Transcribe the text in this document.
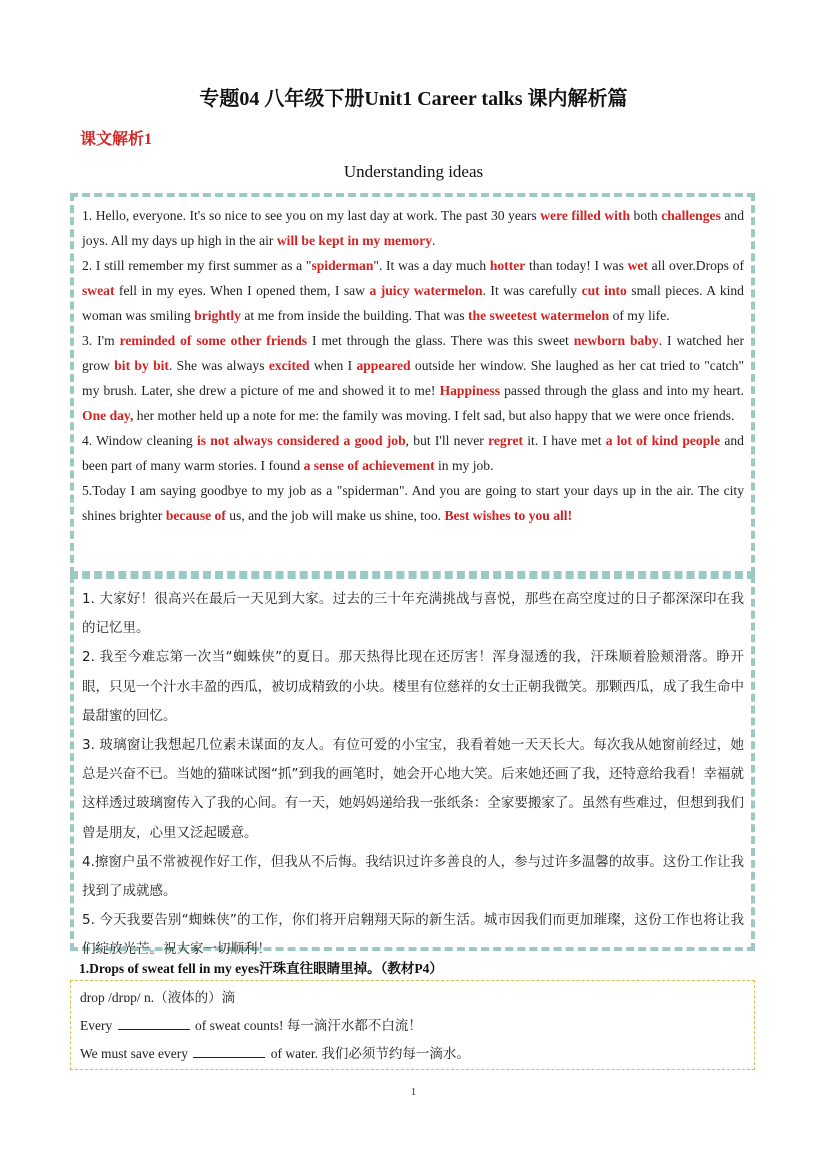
专题04 八年级下册Unit1 Career talks 课内解析篇
课文解析1
Understanding ideas

1. Hello, everyone. It's so nice to see you on my last day at work. The past 30 years were filled with both challenges and joys. All my days up high in the air will be kept in my memory.

2. I still remember my first summer as a "spiderman". It was a day much hotter than today! I was wet all over.Drops of sweat fell in my eyes. When I opened them, I saw a juicy watermelon. It was carefully cut into small pieces. A kind woman was smiling brightly at me from inside the building. That was the sweetest watermelon of my life.

3. I'm reminded of some other friends I met through the glass. There was this sweet newborn baby. I watched her grow bit by bit. She was always excited when I appeared outside her window. She laughed as her cat tried to "catch" my brush. Later, she drew a picture of me and showed it to me! Happiness passed through the glass and into my heart. One day, her mother held up a note for me: the family was moving. I felt sad, but also happy that we were once friends.

4. Window cleaning is not always considered a good job, but I'll never regret it. I have met a lot of kind people and been part of many warm stories. I found a sense of achievement in my job.

5.Today I am saying goodbye to my job as a "spiderman". And you are going to start your days up in the air. The city shines brighter because of us, and the job will make us shine, too. Best wishes to you all!

1. 大家好！很高兴在最后一天见到大家。过去的三十年充满挑战与喜悦，那些在高空度过的日子都深深印在我的记忆里。

2. 我至今难忘第一次当“蜘蛛侠”的夏日。那天热得比现在还厉害！浑身湿透的我，汗珠顺着脸颊滑落。睁开眼，只见一个汁水丰盈的西瓜，被切成精致的小块。楼里有位慈祥的女士正朝我微笑。那颗西瓜，成了我生命中最甜蜜的回忆。

3. 玻璃窗让我想起几位素未谋面的友人。有位可爱的小宝宝，我看着她一天天长大。每次我从她窗前经过，她总是兴奋不已。当她的猫咪试图“抓”到我的画笔时，她会开心地大笑。后来她还画了我，还特意给我看！幸福就这样透过玻璃窗传入了我的心间。有一天，她妈妈递给我一张纸条：全家要搬家了。虽然有些难过，但想到我们曾是朋友，心里又泛起暖意。

4.擦窗户虽不常被视作好工作，但我从不后悔。我结识过许多善良的人，参与过许多温馨的故事。这份工作让我找到了成就感。

5. 今天我要告别“蜘蛛侠”的工作，你们将开启翱翔天际的新生活。城市因我们而更加璀璨，这份工作也将让我们绽放光芒。祝大家一切顺利！

1.Drops of sweat fell in my eyes汗珠直往眼睛里掉。（教材P4）
drop /drɒp/ n.（液体的）滴
Every	of sweat counts! 每一滴汗水都不白流！
We must save every	of water. 我们必须节约每一滴水。
1
